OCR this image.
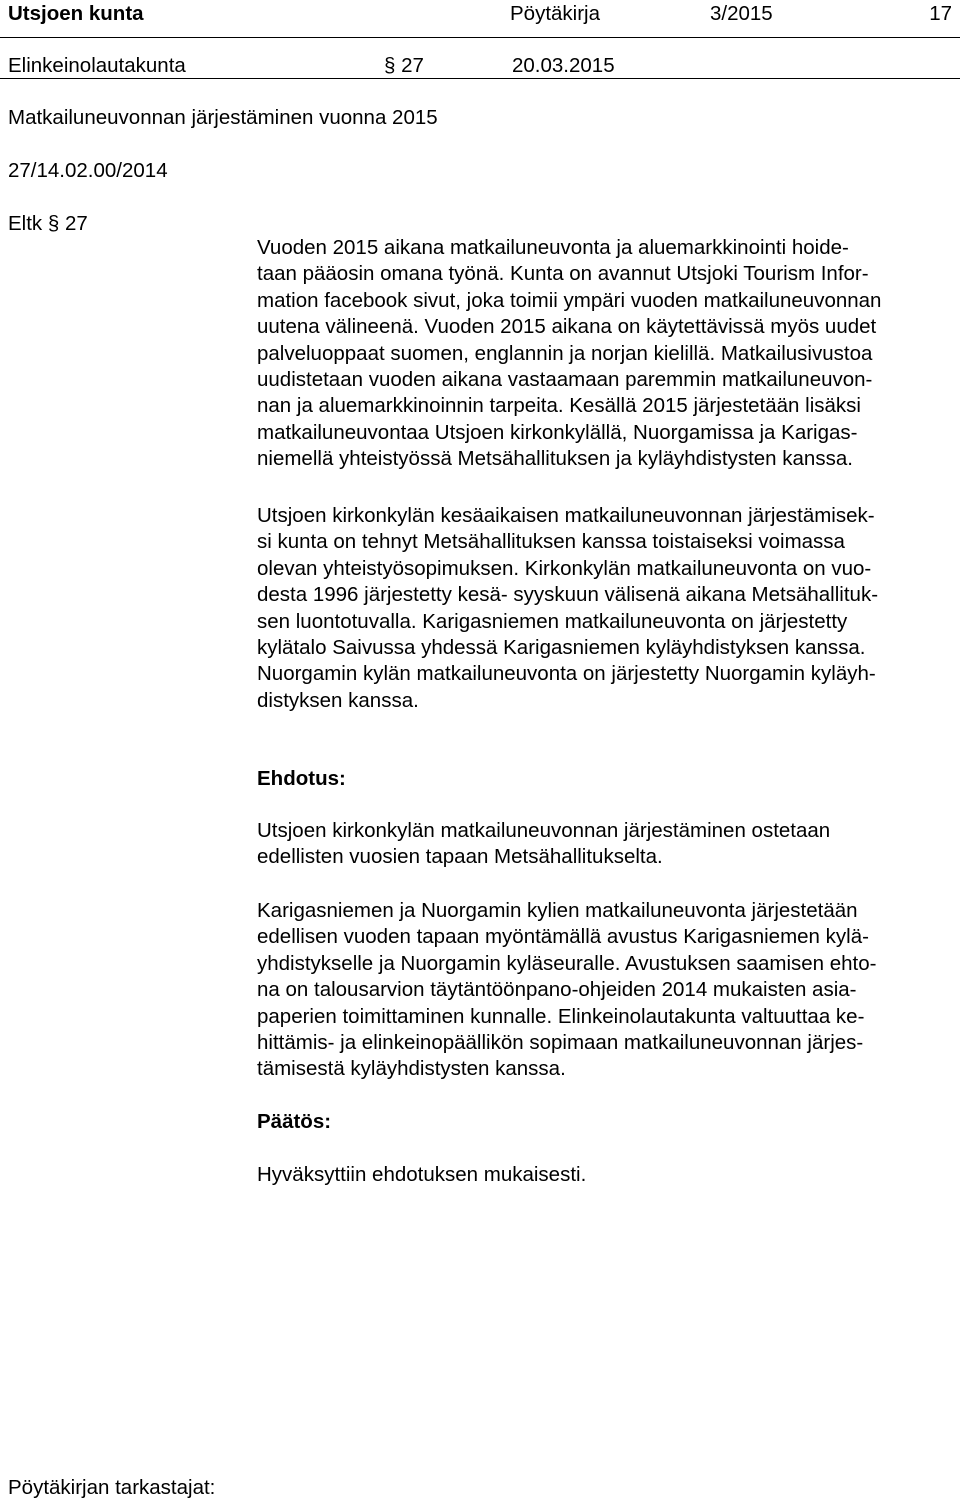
Utsjoen kunta	Pöytäkirja	3/2015	17
Elinkeinolautakunta	§ 27	20.03.2015
Matkailuneuvonnan järjestäminen vuonna 2015
27/14.02.00/2014
Eltk § 27

Vuoden 2015 aikana matkailuneuvonta ja aluemarkkinointi hoide-
taan pääosin omana työnä. Kunta on avannut Utsjoki Tourism Infor-
mation facebook sivut, joka toimii ympäri vuoden matkailuneuvonnan
uutena välineenä. Vuoden 2015 aikana on käytettävissä myös uudet
palveluoppaat suomen, englannin ja norjan kielillä. Matkailusivustoa
uudistetaan vuoden aikana vastaamaan paremmin matkailuneuvon-
nan ja aluemarkkinoinnin tarpeita. Kesällä 2015 järjestetään lisäksi
matkailuneuvontaa Utsjoen kirkonkylällä, Nuorgamissa ja Karigas-
niemellä yhteistyössä Metsähallituksen ja kyläyhdistysten kanssa.

Utsjoen kirkonkylän kesäaikaisen matkailuneuvonnan järjestämisek-
si kunta on tehnyt Metsähallituksen kanssa toistaiseksi voimassa
olevan yhteistyösopimuksen. Kirkonkylän matkailuneuvonta on vuo-
desta 1996 järjestetty kesä- syyskuun välisenä aikana Metsähallituk-
sen luontotuvalla. Karigasniemen matkailuneuvonta on järjestetty
kylätalo Saivussa yhdessä Karigasniemen kyläyhdistyksen kanssa.
Nuorgamin kylän matkailuneuvonta on järjestetty Nuorgamin kyläyh-
distyksen kanssa.

Ehdotus:

Utsjoen kirkonkylän matkailuneuvonnan järjestäminen ostetaan
edellisten vuosien tapaan Metsähallitukselta.

Karigasniemen ja Nuorgamin kylien matkailuneuvonta järjestetään
edellisen vuoden tapaan myöntämällä avustus Karigasniemen kylä-
yhdistykselle ja Nuorgamin kyläseuralle. Avustuksen saamisen ehto-
na on talousarvion täytäntöönpano-ohjeiden 2014 mukaisten asia-
paperien toimittaminen kunnalle. Elinkeinolautakunta valtuuttaa ke-
hittämis- ja elinkeinopäällikön sopimaan matkailuneuvonnan järjes-
tämisestä kyläyhdistysten kanssa.

Päätös:

Hyväksyttiin ehdotuksen mukaisesti.

Pöytäkirjan tarkastajat:
